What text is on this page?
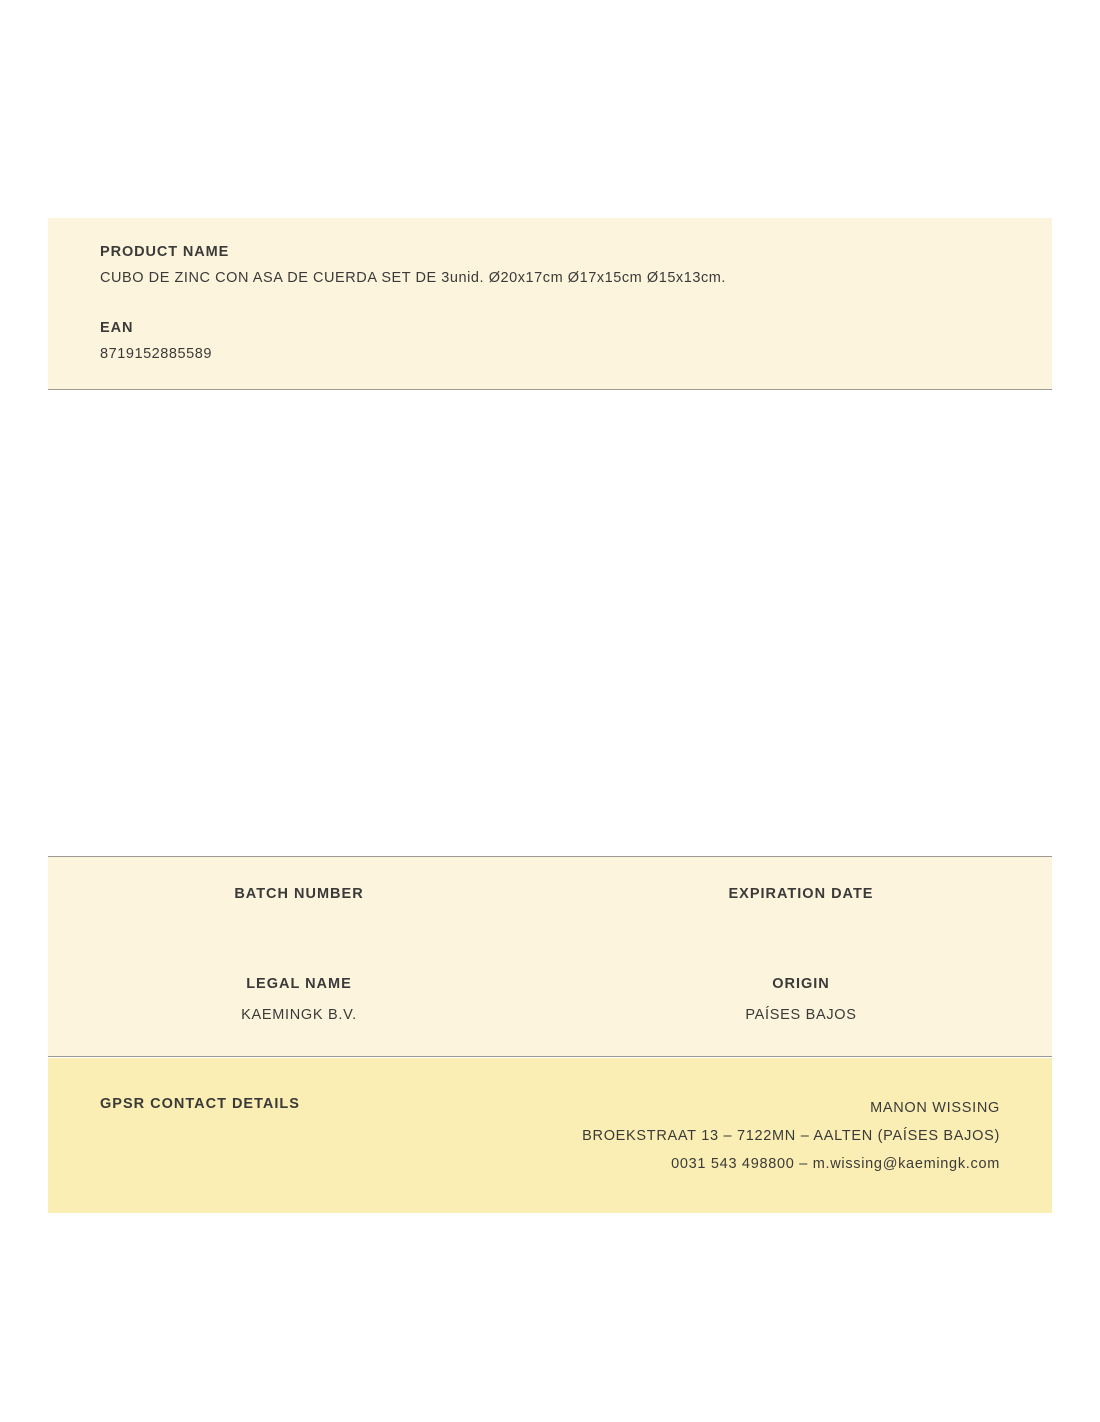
PRODUCT NAME
CUBO DE ZINC CON ASA DE CUERDA SET DE 3unid. Ø20x17cm Ø17x15cm Ø15x13cm.
EAN
8719152885589
BATCH NUMBER	EXPIRATION DATE
LEGAL NAME
KAEMINGK B.V.
ORIGIN
PAÍSES BAJOS
GPSR CONTACT DETAILS	MANON WISSING
BROEKSTRAAT 13 – 7122MN – AALTEN (PAÍSES BAJOS)
0031 543 498800 – m.wissing@kaemingk.com
